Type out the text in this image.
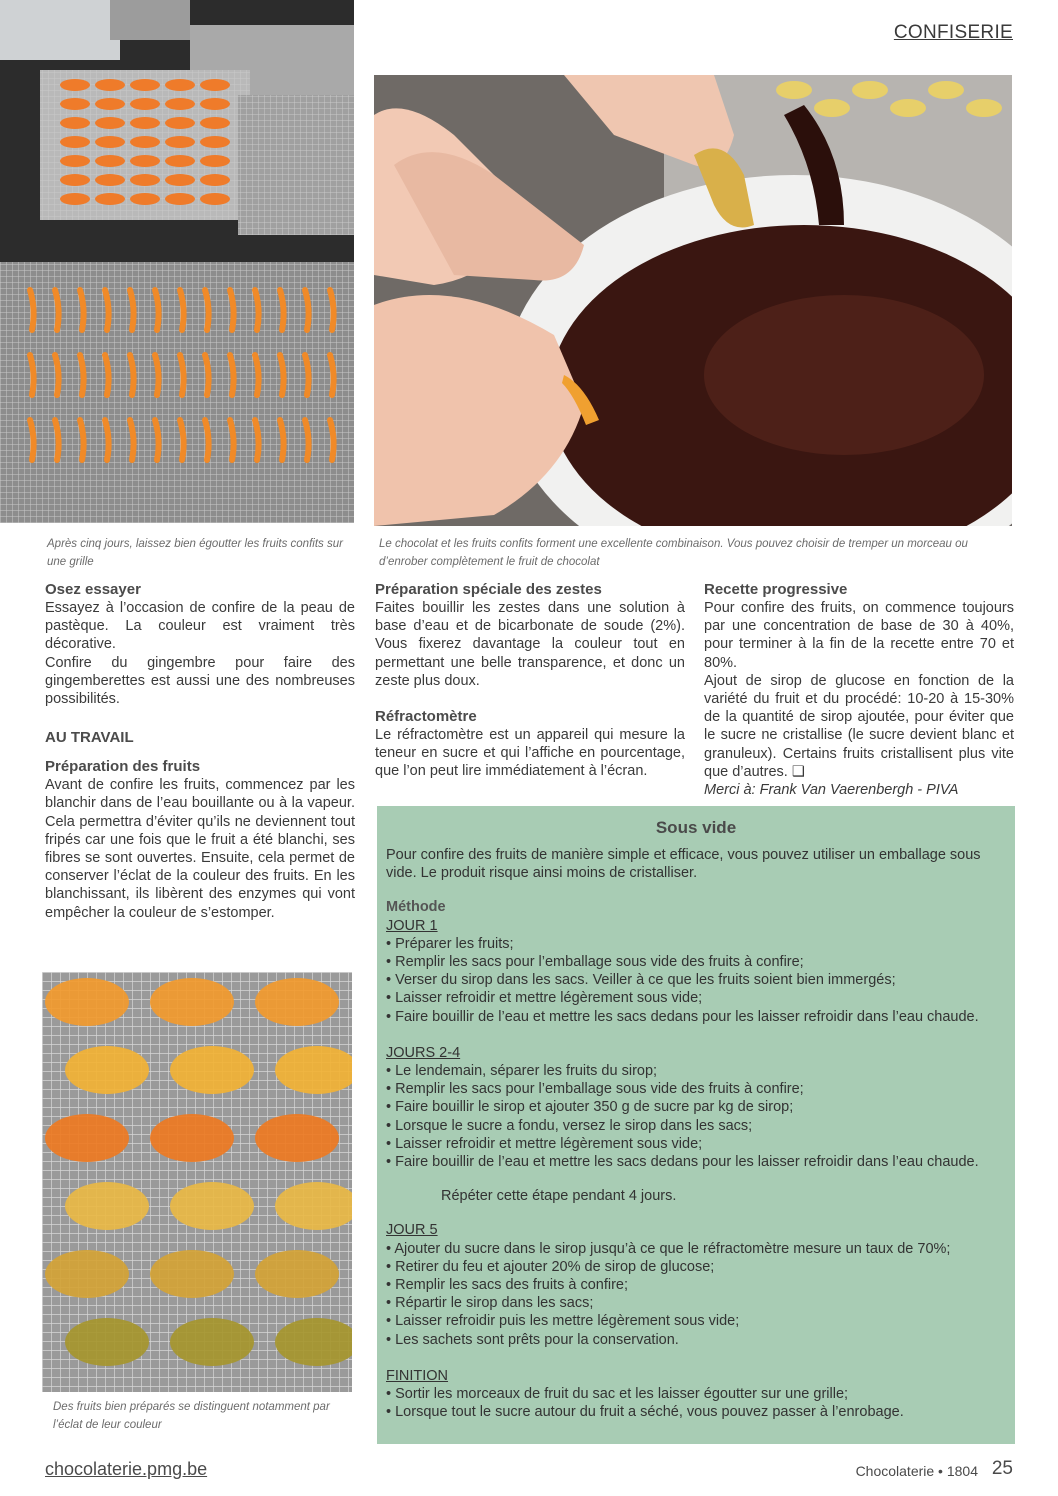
CONFISERIE
Après cinq jours, laissez bien égoutter les fruits confits sur une grille
Le chocolat et les fruits confits forment une excellente combinaison. Vous pouvez choisir de tremper un morceau ou d’enrober complètement le fruit de chocolat
Osez essayer

Essayez à l’occasion de confire de la peau de pastèque. La couleur est vraiment très décorative.

Confire du gingembre pour faire des gingemberettes est aussi une des nombreuses possibilités.

AU TRAVAIL
Préparation des fruits

Avant de confire les fruits, commencez par les blanchir dans de l’eau bouillante ou à la vapeur. Cela permettra d’éviter qu’ils ne deviennent tout fripés car une fois que le fruit a été blanchi, ses fibres se sont ouvertes. Ensuite, cela permet de conserver l’éclat de la couleur des fruits. En les blanchissant, ils libèrent des enzymes qui vont empêcher la couleur de s’estomper.

Préparation spéciale des zestes

Faites bouillir les zestes dans une solution à base d’eau et de bicarbonate de soude (2%). Vous fixerez davantage la couleur tout en permettant une belle transparence, et donc un zeste plus doux.

Réfractomètre

Le réfractomètre est un appareil qui mesure la teneur en sucre et qui l’affiche en pourcentage, que l’on peut lire immédiatement à l’écran.

Recette progressive

Pour confire des fruits, on commence toujours par une concentration de base de 30 à 40%, pour terminer à la fin de la recette entre 70 et 80%.

Ajout de sirop de glucose en fonction de la variété du fruit et du procédé: 10-20 à 15-30% de la quantité de sirop ajoutée, pour éviter que le sucre ne cristallise (le sucre devient blanc et granuleux). Certains fruits cristallisent plus vite que d’autres. ❑

Merci à: Frank Van Vaerenbergh - PIVA

Des fruits bien préparés se distinguent notamment par l’éclat de leur couleur
Sous vide
Pour confire des fruits de manière simple et efficace, vous pouvez utiliser un emballage sous vide. Le produit risque ainsi moins de cristalliser.
Méthode
JOUR 1
• Préparer les fruits;
• Remplir les sacs pour l’emballage sous vide des fruits à confire;
• Verser du sirop dans les sacs. Veiller à ce que les fruits soient bien immergés;
• Laisser refroidir et mettre légèrement sous vide;
• Faire bouillir de l’eau et mettre les sacs dedans pour les laisser refroidir dans l’eau chaude.
JOURS 2-4
• Le lendemain, séparer les fruits du sirop;
• Remplir les sacs pour l’emballage sous vide des fruits à confire;
• Faire bouillir le sirop et ajouter 350 g de sucre par kg de sirop;
• Lorsque le sucre a fondu, versez le sirop dans les sacs;
• Laisser refroidir et mettre légèrement sous vide;
• Faire bouillir de l’eau et mettre les sacs dedans pour les laisser refroidir dans l’eau chaude.
Répéter cette étape pendant 4 jours.
JOUR 5
• Ajouter du sucre dans le sirop jusqu’à ce que le réfractomètre mesure un taux de 70%;
• Retirer du feu et ajouter 20% de sirop de glucose;
• Remplir les sacs des fruits à confire;
• Répartir le sirop dans les sacs;
• Laisser refroidir puis les mettre légèrement sous vide;
• Les sachets sont prêts pour la conservation.
FINITION
• Sortir les morceaux de fruit du sac et les laisser égoutter sur une grille;
• Lorsque tout le sucre autour du fruit a séché, vous pouvez passer à l’enrobage.
chocolaterie.pmg.be	Chocolaterie • 1804 25
